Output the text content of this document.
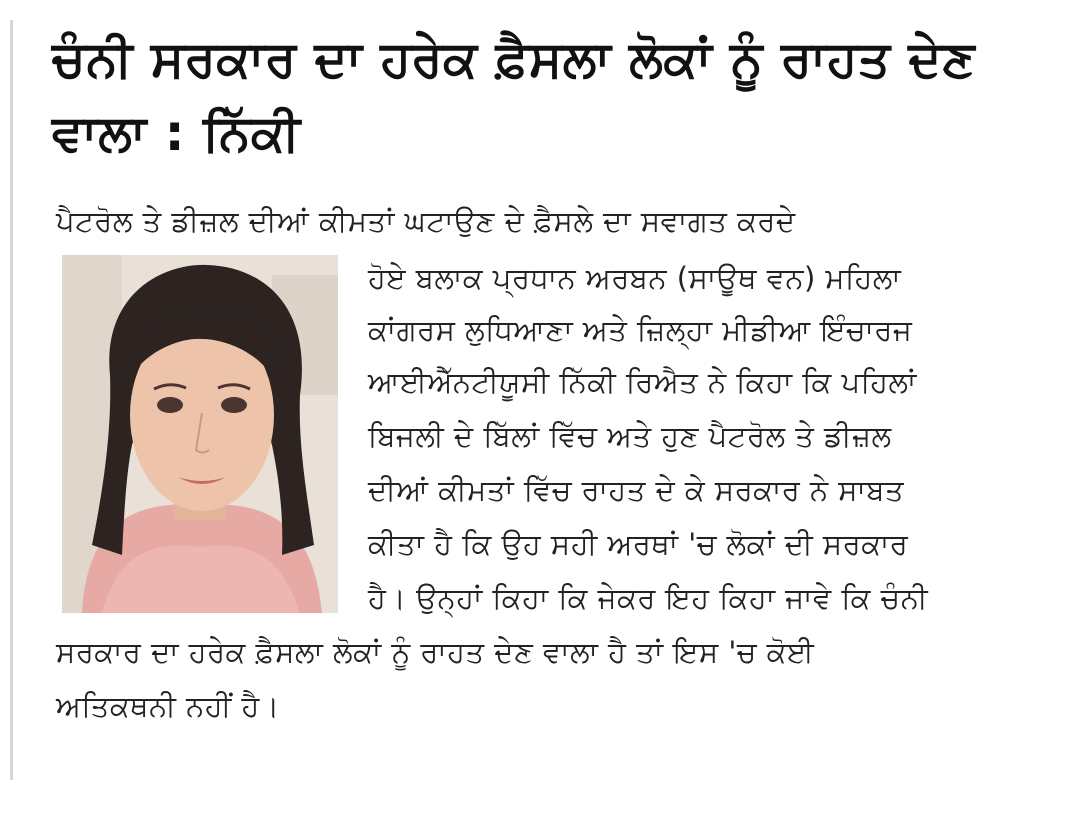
ਚੰਨੀ ਸਰਕਾਰ ਦਾ ਹਰੇਕ ਫ਼ੈਸਲਾ ਲੋਕਾਂ ਨੂੰ ਰਾਹਤ ਦੇਣ ਵਾਲਾ : ਨਿੱਕੀ
ਪੈਟਰੋਲ ਤੇ ਡੀਜ਼ਲ ਦੀਆਂ ਕੀਮਤਾਂ ਘਟਾਉਣ ਦੇ ਫ਼ੈਸਲੇ ਦਾ ਸਵਾਗਤ ਕਰਦੇ
ਹੋਏ ਬਲਾਕ ਪ੍ਰਧਾਨ ਅਰਬਨ (ਸਾਊਥ ਵਨ) ਮਹਿਲਾ
ਕਾਂਗਰਸ ਲੁਧਿਆਣਾ ਅਤੇ ਜ਼ਿਲ੍ਹਾ ਮੀਡੀਆ ਇੰਚਾਰਜ
ਆਈਐੱਨਟੀਯੂਸੀ ਨਿੱਕੀ ਰਿਐਤ ਨੇ ਕਿਹਾ ਕਿ ਪਹਿਲਾਂ
ਬਿਜਲੀ ਦੇ ਬਿੱਲਾਂ ਵਿੱਚ ਅਤੇ ਹੁਣ ਪੈਟਰੋਲ ਤੇ ਡੀਜ਼ਲ
ਦੀਆਂ ਕੀਮਤਾਂ ਵਿੱਚ ਰਾਹਤ ਦੇ ਕੇ ਸਰਕਾਰ ਨੇ ਸਾਬਤ
ਕੀਤਾ ਹੈ ਕਿ ਉਹ ਸਹੀ ਅਰਥਾਂ 'ਚ ਲੋਕਾਂ ਦੀ ਸਰਕਾਰ
ਹੈ। ਉਨ੍ਹਾਂ ਕਿਹਾ ਕਿ ਜੇਕਰ ਇਹ ਕਿਹਾ ਜਾਵੇ ਕਿ ਚੰਨੀ
ਸਰਕਾਰ ਦਾ ਹਰੇਕ ਫ਼ੈਸਲਾ ਲੋਕਾਂ ਨੂੰ ਰਾਹਤ ਦੇਣ ਵਾਲਾ ਹੈ ਤਾਂ ਇਸ 'ਚ ਕੋਈ
ਅਤਿਕਥਨੀ ਨਹੀਂ ਹੈ।
